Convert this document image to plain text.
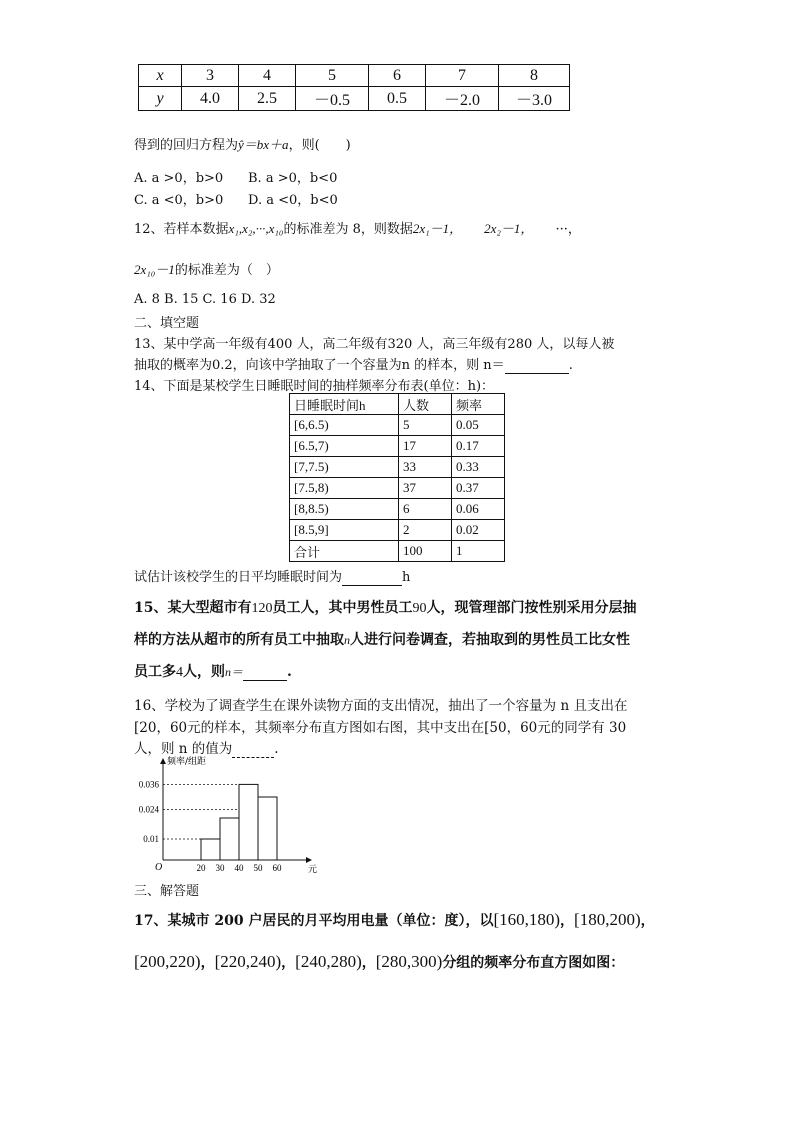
x	3	4	5	6	7	8
y	4.0	2.5	－0.5	0.5	－2.0	－3.0
得到的回归方程为ŷ＝bx＋a，则(　　)
A. a >0，b>0 B. a >0，b<0
C. a <0，b>0 D. a <0，b<0
12、若样本数据x₁,x₂,···,x₁₀的标准差为 8，则数据2x₁－1， 2x₂－1， ···，
2x₁₀－1的标准差为（　）
A. 8 B. 15 C. 16 D. 32
二、填空题
13、某中学高一年级有400 人，高二年级有320 人，高三年级有280 人，以每人被
抽取的概率为0.2，向该中学抽取了一个容量为n 的样本，则 n＝	.
14、下面是某校学生日睡眠时间的抽样频率分布表(单位：h)：
日睡眠时间h	人数	频率
[6,6.5)	5	0.05
[6.5,7)	17	0.17
[7,7.5)	33	0.33
[7.5,8)	37	0.37
[8,8.5)	6	0.06
[8.5,9]	2	0.02
合计	100	1
试估计该校学生的日平均睡眠时间为	h
15、某大型超市有120员工人，其中男性员工90人，现管理部门按性别采用分层抽
样的方法从超市的所有员工中抽取n人进行问卷调查，若抽取到的男性员工比女性
员工多4人，则n＝	.
16、学校为了调查学生在课外读物方面的支出情况，抽出了一个容量为 n 且支出在
[20，60元的样本，其频率分布直方图如右图，其中支出在[50，60元的同学有 30
人，则 n 的值为	.
0.036
0.024
0.01
20 30 40 50 60
O	元
频率/组距
三、解答题
17、某城市 200 户居民的月平均用电量（单位：度），以[160,180)，[180,200)，
[200,220)，[220,240)，[240,280)，[280,300)分组的频率分布直方图如图：
